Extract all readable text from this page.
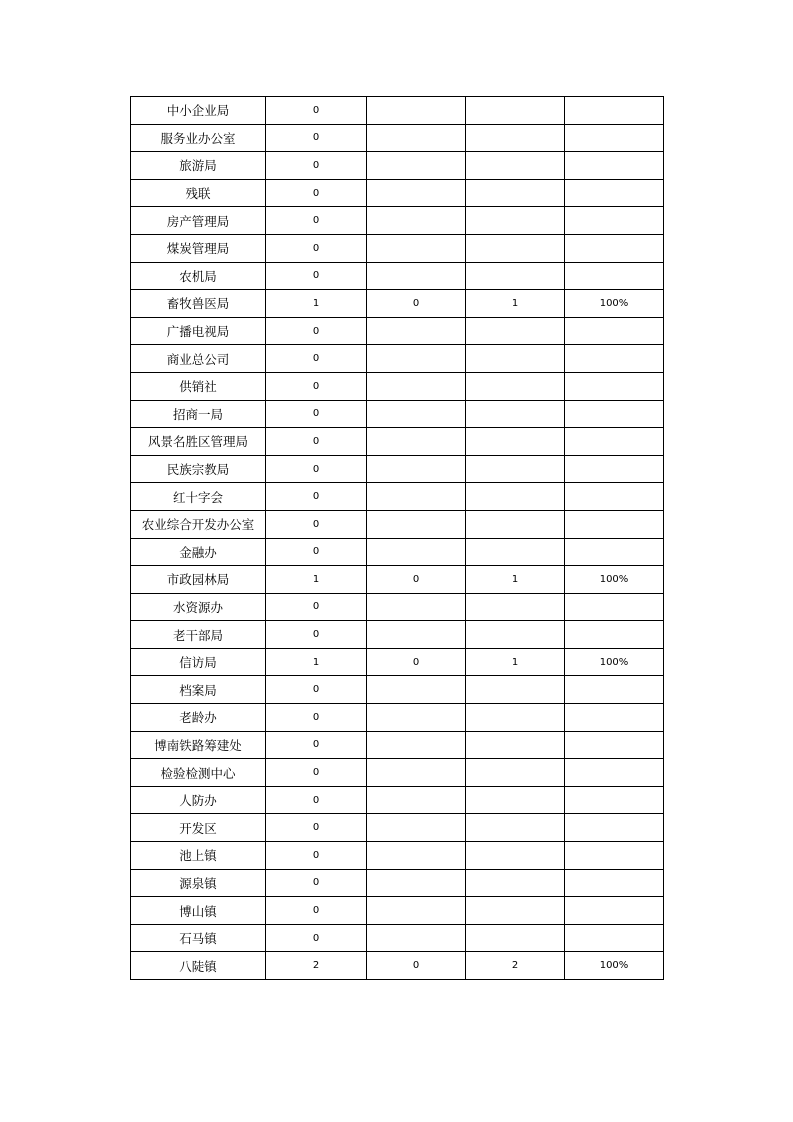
中小企业局	0			
服务业办公室	0			
旅游局	0			
残联	0			
房产管理局	0			
煤炭管理局	0			
农机局	0			
畜牧兽医局	1	0	1	100%
广播电视局	0			
商业总公司	0			
供销社	0			
招商一局	0			
风景名胜区管理局	0			
民族宗教局	0			
红十字会	0			
农业综合开发办公室	0			
金融办	0			
市政园林局	1	0	1	100%
水资源办	0			
老干部局	0			
信访局	1	0	1	100%
档案局	0			
老龄办	0			
博南铁路筹建处	0			
检验检测中心	0			
人防办	0			
开发区	0			
池上镇	0			
源泉镇	0			
博山镇	0			
石马镇	0			
八陡镇	2	0	2	100%
